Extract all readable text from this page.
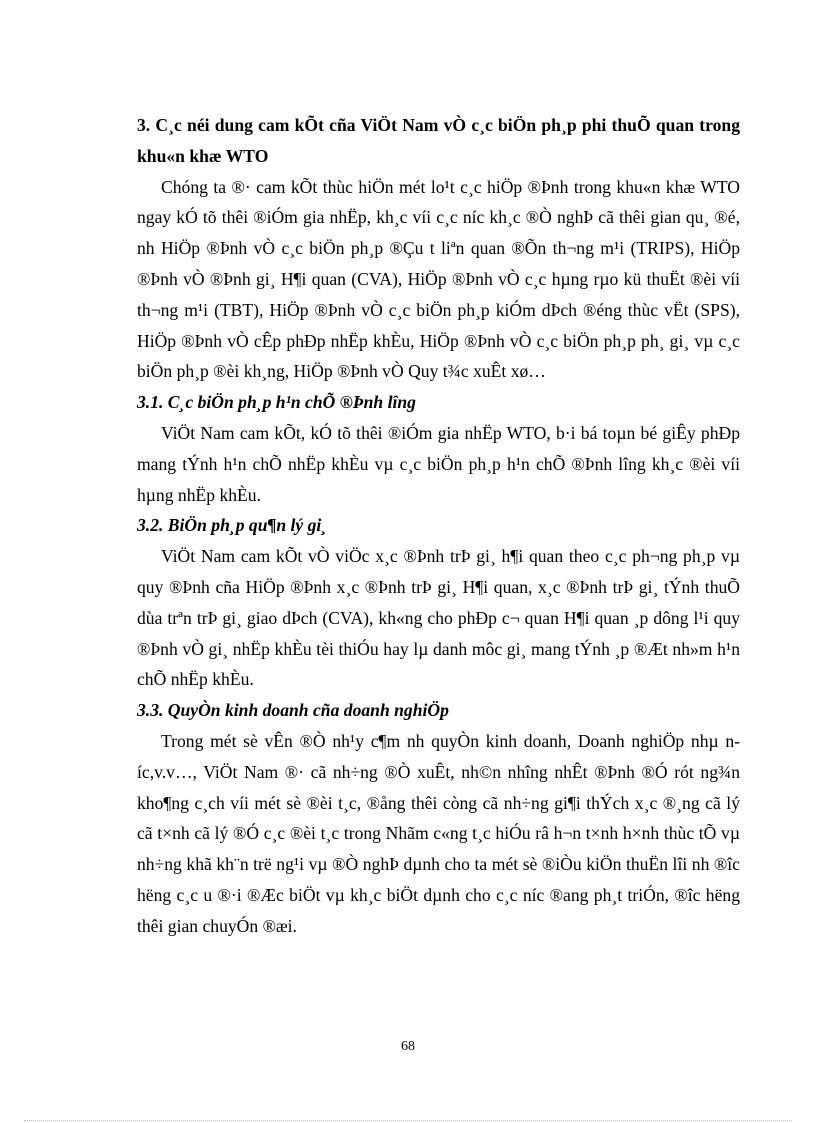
3. C¸c néi dung cam kÕt cña ViÖt Nam vÒ c¸c biÖn ph¸p phi thuÕ quan trong khu«n khæ WTO

Chóng ta ®· cam kÕt thùc hiÖn mét lo¹t c¸c hiÖp ®Þnh trong khu«n khæ WTO ngay kÓ tõ thêi ®iÓm gia nhËp, kh¸c víi c¸c níc kh¸c ®Ò nghÞ cã thêi gian qu¸ ®é, nh HiÖp ®Þnh vÒ c¸c biÖn ph¸p ®Çu t liªn quan ®Õn th¬ng m¹i (TRIPS), HiÖp ®Þnh vÒ ®Þnh gi¸ H¶i quan (CVA), HiÖp ®Þnh vÒ c¸c hµng rµo kü thuËt ®èi víi th¬ng m¹i (TBT), HiÖp ®Þnh vÒ c¸c biÖn ph¸p kiÓm dÞch ®éng thùc vËt (SPS), HiÖp ®Þnh vÒ cÊp phÐp nhËp khÈu, HiÖp ®Þnh vÒ c¸c biÖn ph¸p ph¸ gi¸ vµ c¸c biÖn ph¸p ®èi kh¸ng, HiÖp ®Þnh vÒ Quy t¾c xuÊt xø…

3.1. C¸c biÖn ph¸p h¹n chÕ ®Þnh lîng

ViÖt Nam cam kÕt, kÓ tõ thêi ®iÓm gia nhËp WTO, b·i bá toµn bé giÊy phÐp mang tÝnh h¹n chÕ nhËp khÈu vµ c¸c biÖn ph¸p h¹n chÕ ®Þnh lîng kh¸c ®èi víi hµng nhËp khÈu.

3.2. BiÖn ph¸p qu¶n lý gi¸

ViÖt Nam cam kÕt vÒ viÖc x¸c ®Þnh trÞ gi¸ h¶i quan theo c¸c ph¬ng ph¸p vµ quy ®Þnh cña HiÖp ®Þnh x¸c ®Þnh trÞ gi¸ H¶i quan, x¸c ®Þnh trÞ gi¸ tÝnh thuÕ dùa trªn trÞ gi¸ giao dÞch (CVA), kh«ng cho phÐp c¬ quan H¶i quan ¸p dông l¹i quy ®Þnh vÒ gi¸ nhËp khÈu tèi thiÓu hay lµ danh môc gi¸ mang tÝnh ¸p ®Æt nh»m h¹n chÕ nhËp khÈu.

3.3. QuyÒn kinh doanh cña doanh nghiÖp

Trong mét sè vÊn ®Ò nh¹y c¶m nh quyÒn kinh doanh, Doanh nghiÖp nhµ níc,v.v…, ViÖt Nam ®· cã nh÷ng ®Ò xuÊt, nh©n nhîng nhÊt ®Þnh ®Ó rót ng¾n kho¶ng c¸ch víi mét sè ®èi t¸c, ®ång thêi còng cã nh÷ng gi¶i thÝch x¸c ®¸ng cã lý cã t×nh cã lý ®Ó c¸c ®èi t¸c trong Nhãm c«ng t¸c hiÓu râ h¬n t×nh h×nh thùc tÕ vµ nh÷ng khã kh¨n trë ng¹i vµ ®Ò nghÞ dµnh cho ta mét sè ®iÒu kiÖn thuËn lîi nh ®îc hëng c¸c u ®·i ®Æc biÖt vµ kh¸c biÖt dµnh cho c¸c níc ®ang ph¸t triÓn, ®îc hëng thêi gian chuyÓn ®æi.

68
